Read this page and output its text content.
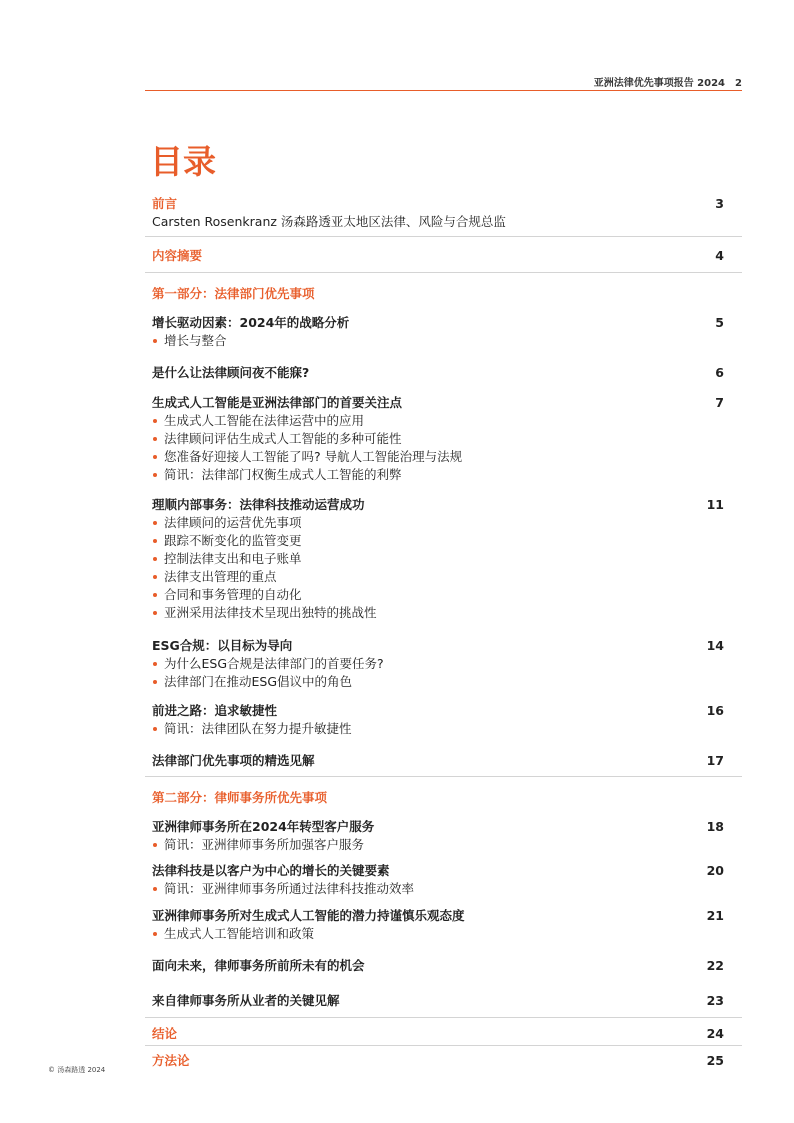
亚洲法律优先事项报告 2024 2
目录
前言	3
Carsten Rosenkranz 汤森路透亚太地区法律、风险与合规总监
内容摘要	4
第一部分：法律部门优先事项
增长驱动因素：2024年的战略分析	5
增长与整合
是什么让法律顾问夜不能寐?	6
生成式人工智能是亚洲法律部门的首要关注点	7
生成式人工智能在法律运营中的应用
法律顾问评估生成式人工智能的多种可能性
您准备好迎接人工智能了吗? 导航人工智能治理与法规
简讯：法律部门权衡生成式人工智能的利弊
理顺内部事务：法律科技推动运营成功	11
法律顾问的运营优先事项
跟踪不断变化的监管变更
控制法律支出和电子账单
法律支出管理的重点
合同和事务管理的自动化
亚洲采用法律技术呈现出独特的挑战性
ESG合规：以目标为导向	14
为什么ESG合规是法律部门的首要任务?
法律部门在推动ESG倡议中的角色
前进之路：追求敏捷性	16
简讯：法律团队在努力提升敏捷性
法律部门优先事项的精选见解	17
第二部分：律师事务所优先事项
亚洲律师事务所在2024年转型客户服务	18
简讯：亚洲律师事务所加强客户服务
法律科技是以客户为中心的增长的关键要素	20
简讯：亚洲律师事务所通过法律科技推动效率
亚洲律师事务所对生成式人工智能的潜力持谨慎乐观态度	21
生成式人工智能培训和政策
面向未来，律师事务所前所未有的机会	22
来自律师事务所从业者的关键见解	23
结论	24
方法论	25
© 汤森路透 2024
